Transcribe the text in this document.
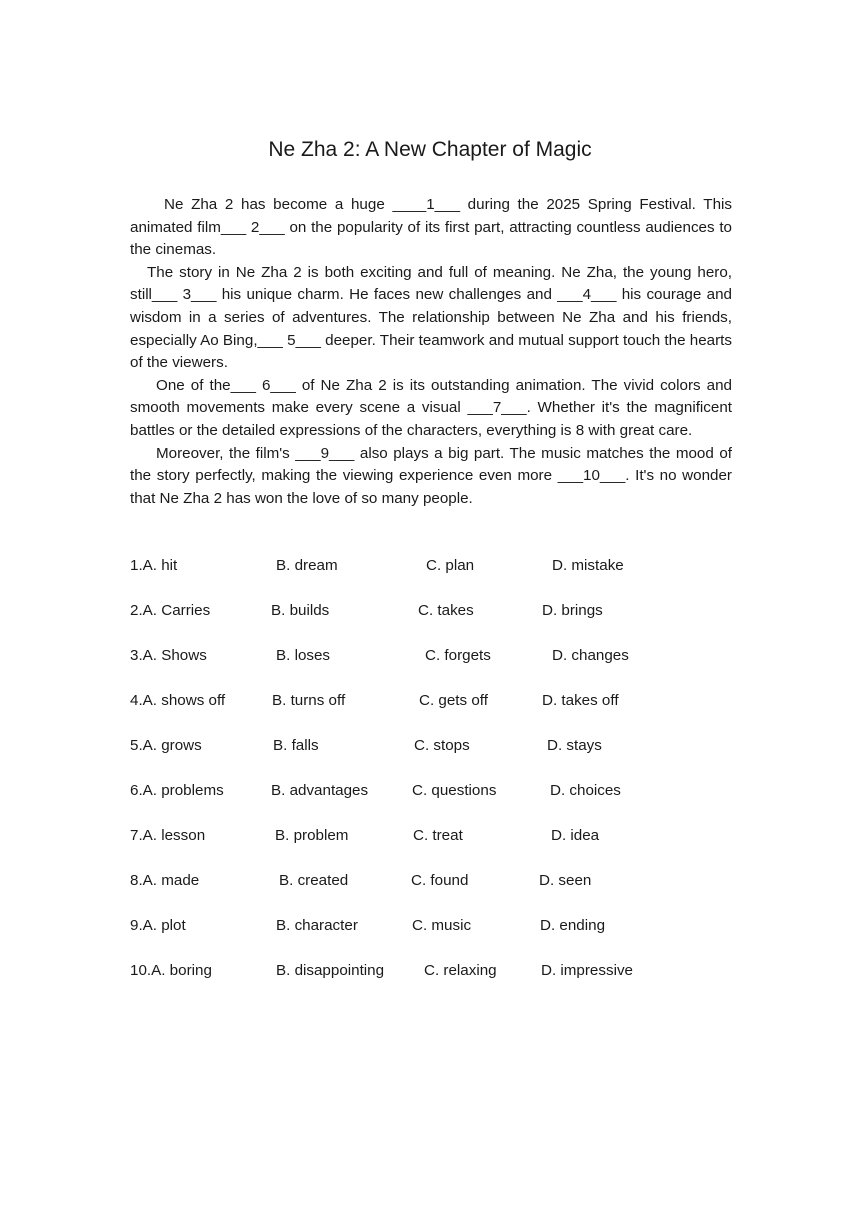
Ne Zha 2: A New Chapter of Magic

Ne Zha 2 has become a huge ____1___ during the 2025 Spring Festival. This animated film___ 2___ on the popularity of its first part, attracting countless audiences to the cinemas.

The story in Ne Zha 2 is both exciting and full of meaning. Ne Zha, the young hero, still___ 3___ his unique charm. He faces new challenges and ___4___ his courage and wisdom in a series of adventures. The relationship between Ne Zha and his friends, especially Ao Bing,___ 5___ deeper. Their teamwork and mutual support touch the hearts of the viewers.

One of the___ 6___ of Ne Zha 2 is its outstanding animation. The vivid colors and smooth movements make every scene a visual ___7___. Whether it's the magnificent battles or the detailed expressions of the characters, everything is 8 with great care.

Moreover, the film's ___9___ also plays a big part. The music matches the mood of the story perfectly, making the viewing experience even more ___10___. It's no wonder that Ne Zha 2 has won the love of so many people.

1.A. hit	B. dream	C. plan	D. mistake
2.A. Carries	B. builds	C. takes	D. brings
3.A. Shows	B. loses	C. forgets	D. changes
4.A. shows off	B. turns off	C. gets off	D. takes off
5.A. grows	B. falls	C. stops	D. stays
6.A. problems	B. advantages	C. questions	D. choices
7.A. lesson	B. problem	C. treat	D. idea
8.A. made	B. created	C. found	D. seen
9.A. plot	B. character	C. music	D. ending
10.A. boring	B. disappointing	C. relaxing	D. impressive
